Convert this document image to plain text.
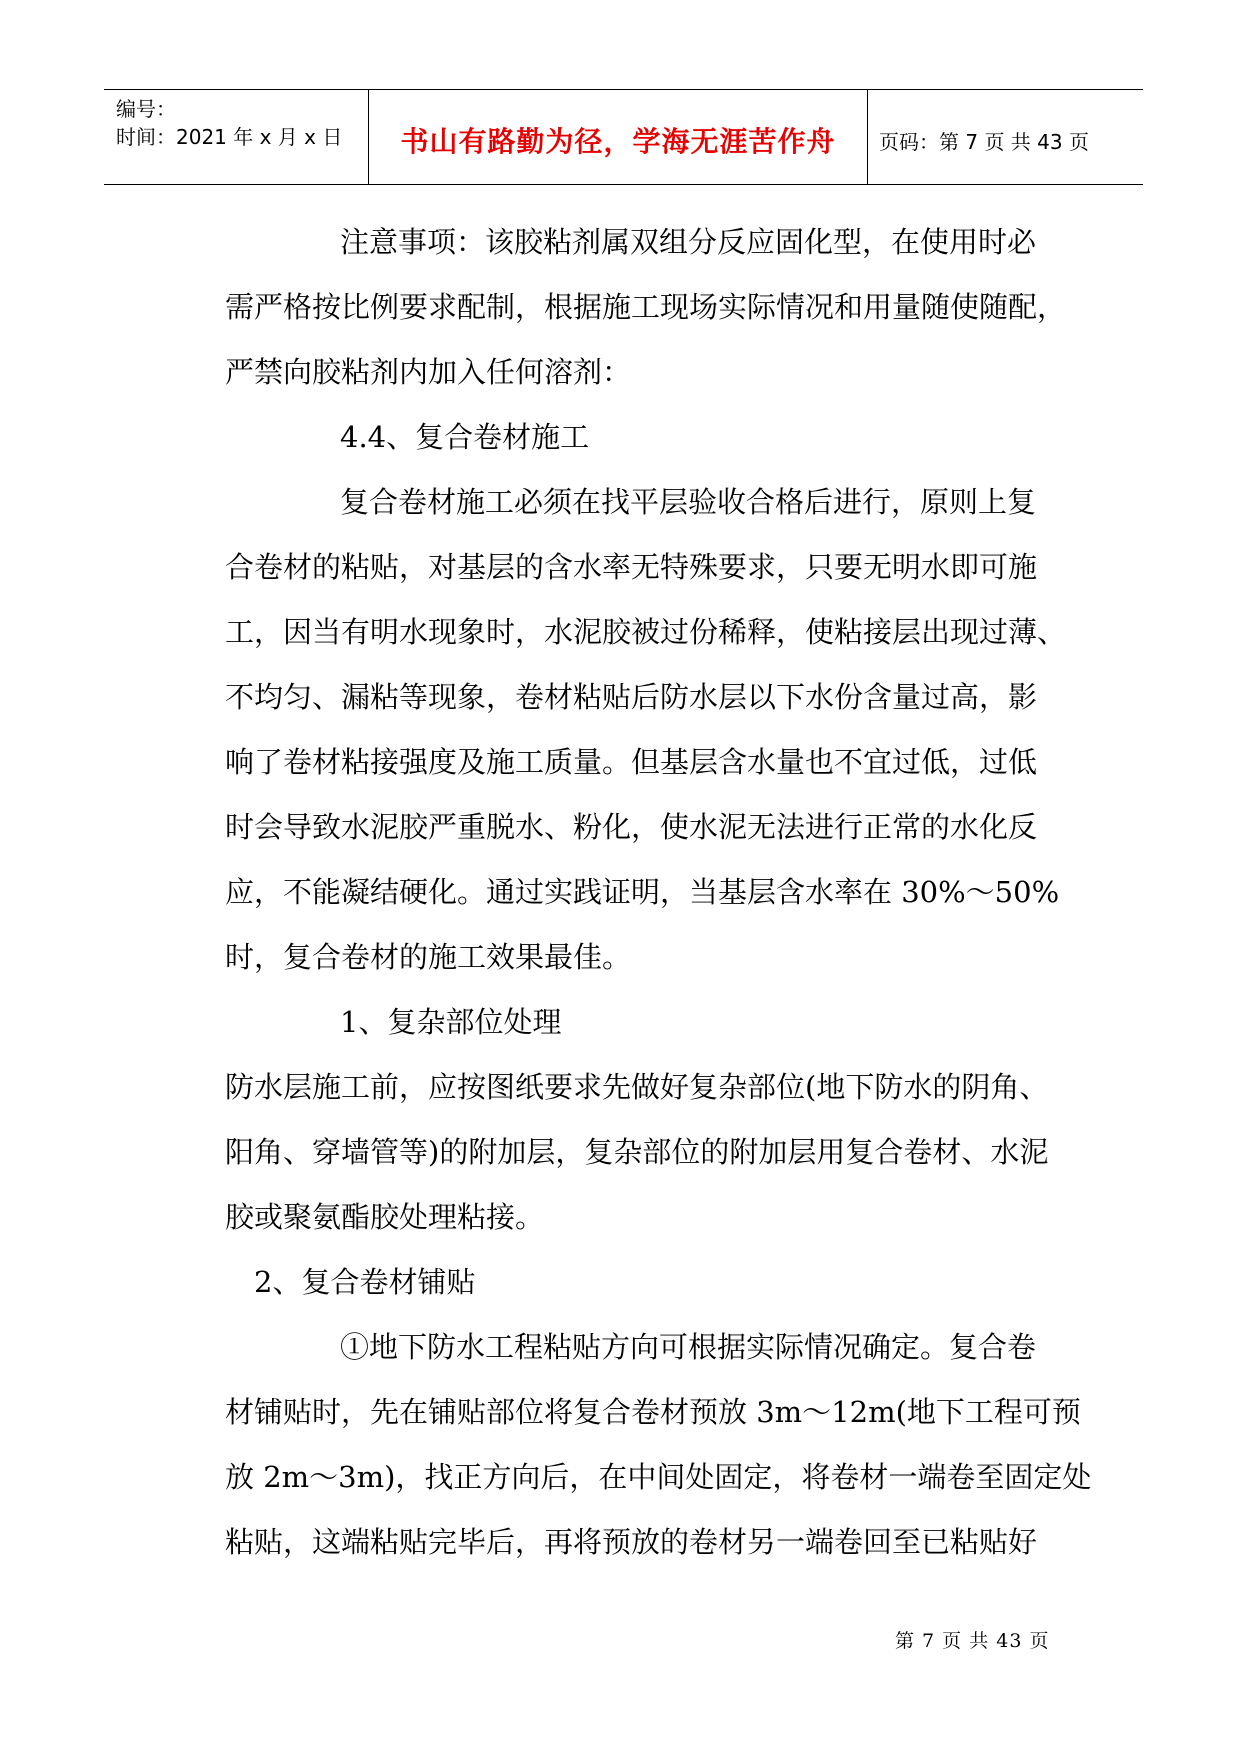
编号：
时间：2021 年 x 月 x 日	书山有路勤为径，学海无涯苦作舟	页码：第 7 页 共 43 页
注意事项：该胶粘剂属双组分反应固化型，在使用时必
需严格按比例要求配制，根据施工现场实际情况和用量随使随配，
严禁向胶粘剂内加入任何溶剂：
4.4、复合卷材施工
复合卷材施工必须在找平层验收合格后进行，原则上复
合卷材的粘贴，对基层的含水率无特殊要求，只要无明水即可施
工，因当有明水现象时，水泥胶被过份稀释，使粘接层出现过薄、
不均匀、漏粘等现象，卷材粘贴后防水层以下水份含量过高，影
响了卷材粘接强度及施工质量。但基层含水量也不宜过低，过低
时会导致水泥胶严重脱水、粉化，使水泥无法进行正常的水化反
应，不能凝结硬化。通过实践证明，当基层含水率在 30%～50%
时，复合卷材的施工效果最佳。
1、复杂部位处理
防水层施工前，应按图纸要求先做好复杂部位(地下防水的阴角、
阳角、穿墙管等)的附加层，复杂部位的附加层用复合卷材、水泥
胶或聚氨酯胶处理粘接。
2、复合卷材铺贴
①地下防水工程粘贴方向可根据实际情况确定。复合卷
材铺贴时，先在铺贴部位将复合卷材预放 3m～12m(地下工程可预
放 2m～3m)，找正方向后，在中间处固定，将卷材一端卷至固定处
粘贴，这端粘贴完毕后，再将预放的卷材另一端卷回至已粘贴好
第 7 页 共 43 页
